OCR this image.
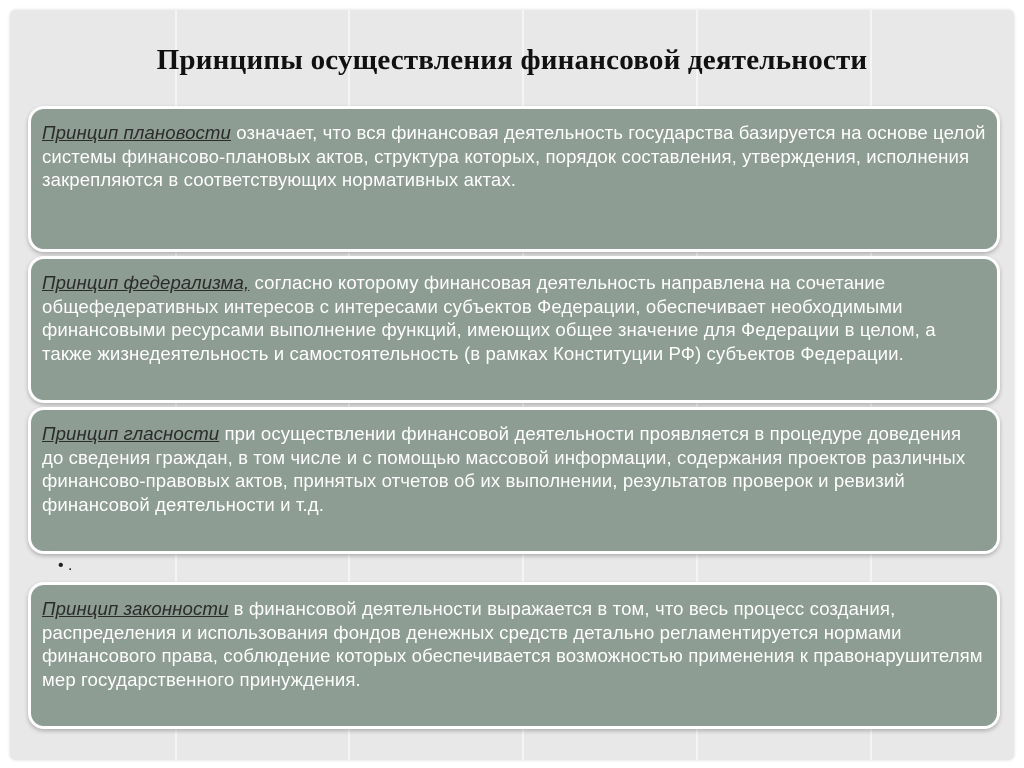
Принципы осуществления финансовой деятельности
Принцип плановости означает, что вся финансовая деятельность государства базируется на основе целой системы финансово-плановых актов, структура которых, порядок составления, утверждения, исполнения закрепляются в соответствующих нормативных актах.
Принцип федерализма, согласно которому финансовая деятельность направлена на сочетание общефедеративных интересов с интересами субъектов Федерации, обеспечивает необходимыми финансовыми ресурсами выполнение функций, имеющих общее значение для Федерации в целом, а также жизнедеятельность и самостоятельность (в рамках Конституции РФ) субъектов Федерации.
Принцип гласности при осуществлении финансовой деятельности проявляется в процедуре доведения до сведения граждан, в том числе и с помощью массовой информации, содержания проектов различных финансово-правовых актов, принятых отчетов об их выполнении, результатов проверок и ревизий финансовой деятельности и т.д.
• .
Принцип законности в финансовой деятельности выражается в том, что весь процесс создания, распределения и использования фондов денежных средств детально регламентируется нормами финансового права, соблюдение которых обеспечивается возможностью применения к правонарушителям мер государственного принуждения.
